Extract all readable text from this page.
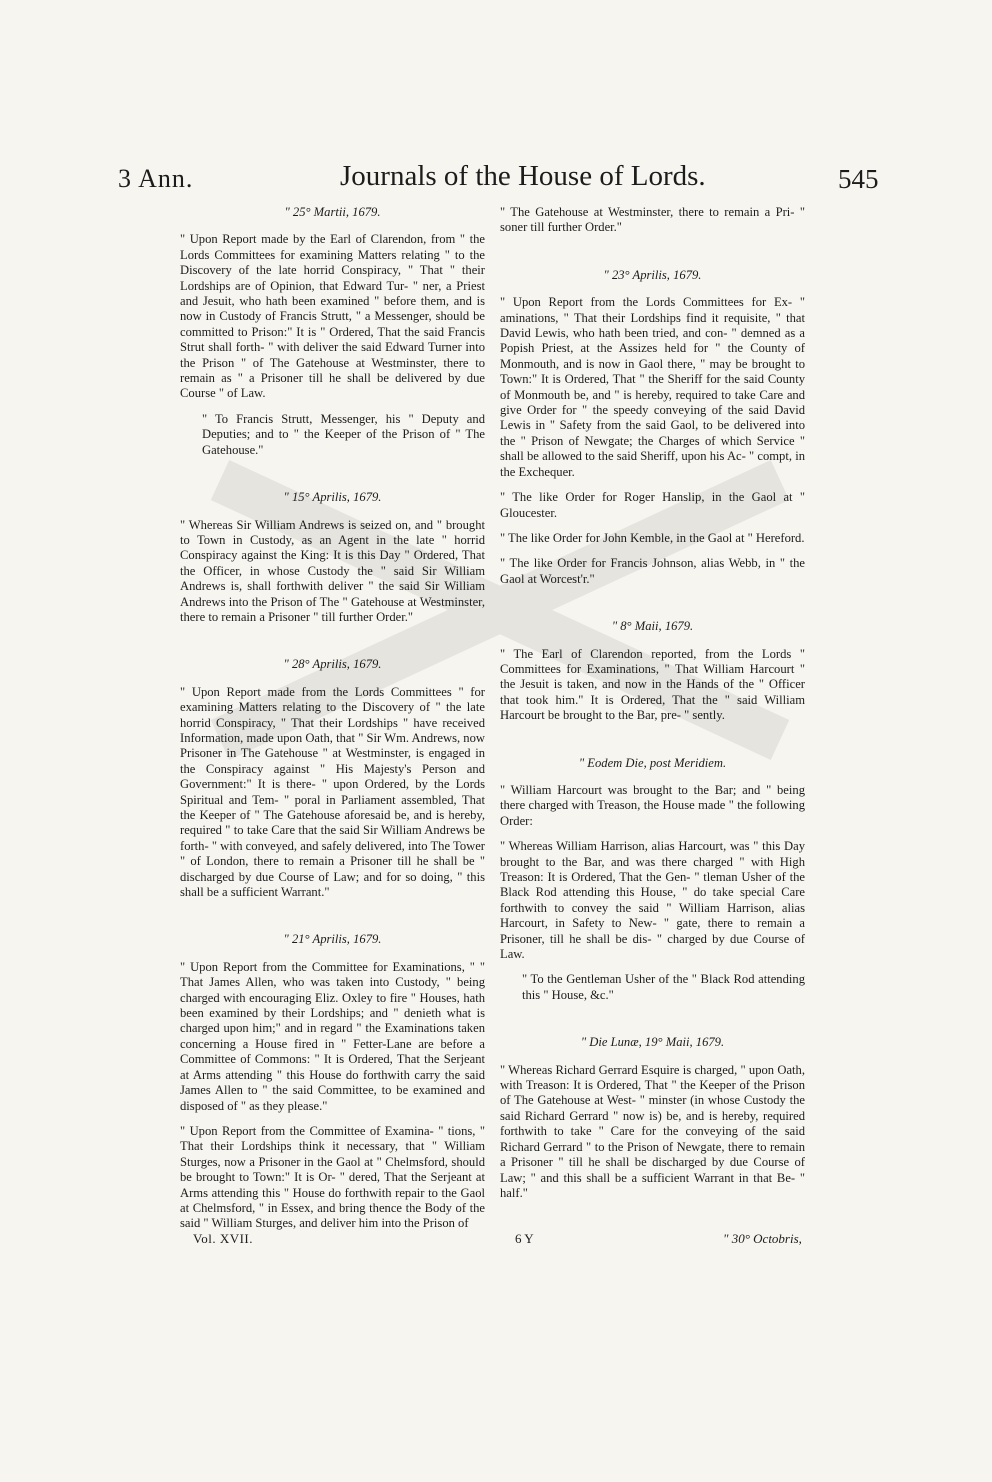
3 Ann.	Journals of the House of Lords.	545
" 25° Martii, 1679.
" Upon Report made by the Earl of Clarendon, from " the Lords Committees for examining Matters relating " to the Discovery of the late horrid Conspiracy, " That " their Lordships are of Opinion, that Edward Tur- " ner, a Priest and Jesuit, who hath been examined " before them, and is now in Custody of Francis Strutt, " a Messenger, should be committed to Prison:" It is " Ordered, That the said Francis Strut shall forth- " with deliver the said Edward Turner into the Prison " of The Gatehouse at Westminster, there to remain as " a Prisoner till he shall be delivered by due Course " of Law.
" To Francis Strutt, Messenger, his " Deputy and Deputies; and to " the Keeper of the Prison of " The Gatehouse."
" 15° Aprilis, 1679.
" Whereas Sir William Andrews is seized on, and " brought to Town in Custody, as an Agent in the late " horrid Conspiracy against the King: It is this Day " Ordered, That the Officer, in whose Custody the " said Sir William Andrews is, shall forthwith deliver " the said Sir William Andrews into the Prison of The " Gatehouse at Westminster, there to remain a Prisoner " till further Order."
" 28° Aprilis, 1679.
" Upon Report made from the Lords Committees " for examining Matters relating to the Discovery of " the late horrid Conspiracy, " That their Lordships " have received Information, made upon Oath, that " Sir Wm. Andrews, now Prisoner in The Gatehouse " at Westminster, is engaged in the Conspiracy against " His Majesty's Person and Government:" It is there- " upon Ordered, by the Lords Spiritual and Tem- " poral in Parliament assembled, That the Keeper of " The Gatehouse aforesaid be, and is hereby, required " to take Care that the said Sir William Andrews be forth- " with conveyed, and safely delivered, into The Tower " of London, there to remain a Prisoner till he shall be " discharged by due Course of Law; and for so doing, " this shall be a sufficient Warrant."
" 21° Aprilis, 1679.
" Upon Report from the Committee for Examinations, " " That James Allen, who was taken into Custody, " being charged with encouraging Eliz. Oxley to fire " Houses, hath been examined by their Lordships; and " denieth what is charged upon him;" and in regard " the Examinations taken concerning a House fired in " Fetter-Lane are before a Committee of Commons: " It is Ordered, That the Serjeant at Arms attending " this House do forthwith carry the said James Allen to " the said Committee, to be examined and disposed of " as they please."
" Upon Report from the Committee of Examina- " tions, " That their Lordships think it necessary, that " William Sturges, now a Prisoner in the Gaol at " Chelmsford, should be brought to Town:" It is Or- " dered, That the Serjeant at Arms attending this " House do forthwith repair to the Gaol at Chelmsford, " in Essex, and bring thence the Body of the said " William Sturges, and deliver him into the Prison of
" The Gatehouse at Westminster, there to remain a Pri- " soner till further Order."
" 23° Aprilis, 1679.
" Upon Report from the Lords Committees for Ex- " aminations, " That their Lordships find it requisite, " that David Lewis, who hath been tried, and con- " demned as a Popish Priest, at the Assizes held for " the County of Monmouth, and is now in Gaol there, " may be brought to Town:" It is Ordered, That " the Sheriff for the said County of Monmouth be, and " is hereby, required to take Care and give Order for " the speedy conveying of the said David Lewis in " Safety from the said Gaol, to be delivered into the " Prison of Newgate; the Charges of which Service " shall be allowed to the said Sheriff, upon his Ac- " compt, in the Exchequer.
" The like Order for Roger Hanslip, in the Gaol at " Gloucester.
" The like Order for John Kemble, in the Gaol at " Hereford.
" The like Order for Francis Johnson, alias Webb, in " the Gaol at Worcest'r."
" 8° Maii, 1679.
" The Earl of Clarendon reported, from the Lords " Committees for Examinations, " That William Harcourt " the Jesuit is taken, and now in the Hands of the " Officer that took him." It is Ordered, That the " said William Harcourt be brought to the Bar, pre- " sently.
" Eodem Die, post Meridiem.
" William Harcourt was brought to the Bar; and " being there charged with Treason, the House made " the following Order:
" Whereas William Harrison, alias Harcourt, was " this Day brought to the Bar, and was there charged " with High Treason: It is Ordered, That the Gen- " tleman Usher of the Black Rod attending this House, " do take special Care forthwith to convey the said " William Harrison, alias Harcourt, in Safety to New- " gate, there to remain a Prisoner, till he shall be dis- " charged by due Course of Law.
" To the Gentleman Usher of the " Black Rod attending this " House, &c."
" Die Lunæ, 19° Maii, 1679.
" Whereas Richard Gerrard Esquire is charged, " upon Oath, with Treason: It is Ordered, That " the Keeper of the Prison of The Gatehouse at West- " minster (in whose Custody the said Richard Gerrard " now is) be, and is hereby, required forthwith to take " Care for the conveying of the said Richard Gerrard " to the Prison of Newgate, there to remain a Prisoner " till he shall be discharged by due Course of Law; " and this shall be a sufficient Warrant in that Be- " half."
Vol. XVII.	6 Y	" 30° Octobris,
